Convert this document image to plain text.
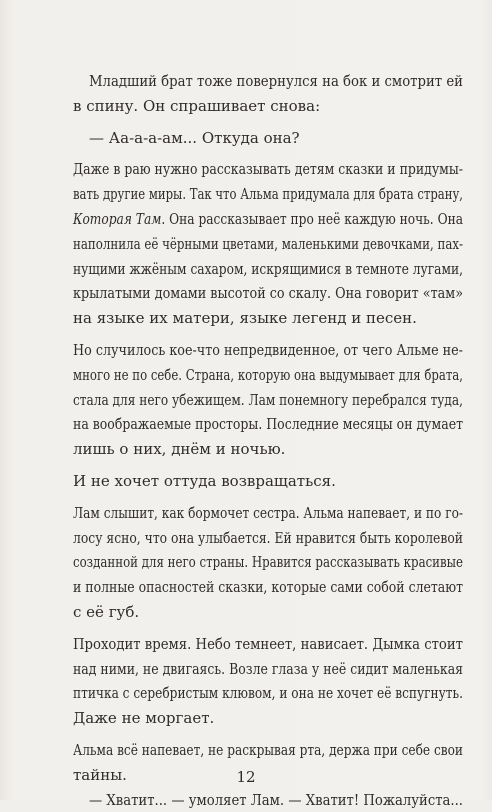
Младший брат тоже повернулся на бок и смотрит ей
в спину. Он спрашивает снова:
— Аа-а-а-ам... Откуда она?
Даже в раю нужно рассказывать детям сказки и придумы-
вать другие миры. Так что Альма придумала для брата страну,
Которая Там. Она рассказывает про неё каждую ночь. Она
наполнила её чёрными цветами, маленькими девочками, пах-
нущими жжёным сахаром, искрящимися в темноте лугами,
крылатыми домами высотой со скалу. Она говорит «там»
на языке их матери, языке легенд и песен.
Но случилось кое-что непредвиденное, от чего Альме не-
много не по себе. Страна, которую она выдумывает для брата,
стала для него убежищем. Лам понемногу перебрался туда,
на воображаемые просторы. Последние месяцы он думает
лишь о них, днём и ночью.
И не хочет оттуда возвращаться.
Лам слышит, как бормочет сестра. Альма напевает, и по го-
лосу ясно, что она улыбается. Ей нравится быть королевой
созданной для него страны. Нравится рассказывать красивые
и полные опасностей сказки, которые сами собой слетают
с её губ.
Проходит время. Небо темнеет, нависает. Дымка стоит
над ними, не двигаясь. Возле глаза у неё сидит маленькая
птичка с серебристым клювом, и она не хочет её вспугнуть.
Даже не моргает.
Альма всё напевает, не раскрывая рта, держа при себе свои
тайны.
— Хватит... — умоляет Лам. — Хватит! Пожалуйста...
12
